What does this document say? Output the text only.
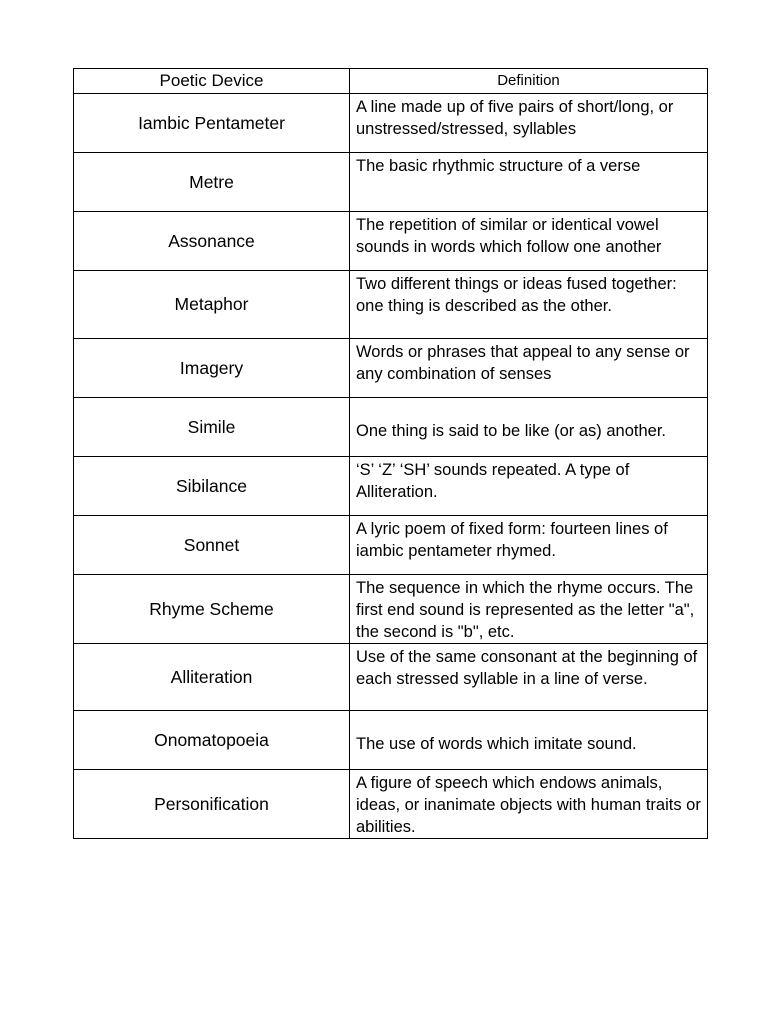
Poetic Device	Definition
Iambic Pentameter	A line made up of five pairs of short/long, or unstressed/stressed, syllables
Metre	The basic rhythmic structure of a verse
Assonance	The repetition of similar or identical vowel sounds in words which follow one another
Metaphor	Two different things or ideas fused together: one thing is described as the other.
Imagery	Words or phrases that appeal to any sense or any combination of senses
Simile	One thing is said to be like (or as) another.
Sibilance	‘S’ ‘Z’ ‘SH’ sounds repeated. A type of Alliteration.
Sonnet	A lyric poem of fixed form: fourteen lines of iambic pentameter rhymed.
Rhyme Scheme	The sequence in which the rhyme occurs. The first end sound is represented as the letter "a", the second is "b", etc.
Alliteration	Use of the same consonant at the beginning of each stressed syllable in a line of verse.
Onomatopoeia	The use of words which imitate sound.
Personification	A figure of speech which endows animals, ideas, or inanimate objects with human traits or abilities.
